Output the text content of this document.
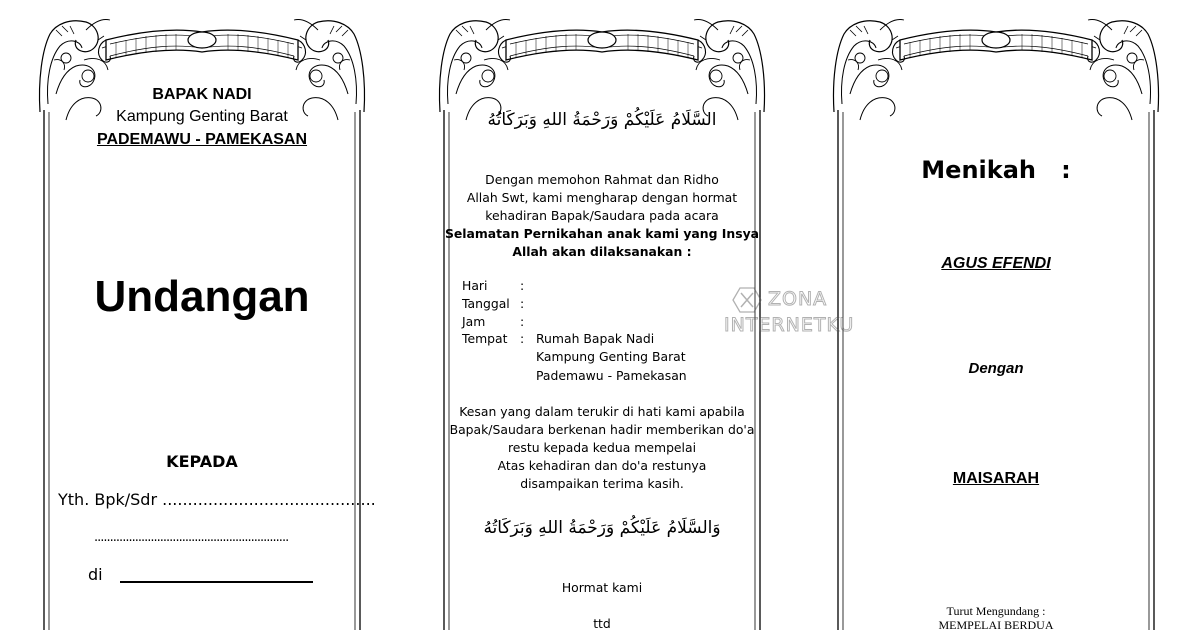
BAPAK NADI
Kampung Genting Barat
PADEMAWU - PAMEKASAN
Undangan
KEPADA
Yth. Bpk/Sdr ..........................................
..............................................................
di
السَّلَامُ عَلَيْكُمْ وَرَحْمَةُ اللهِ وَبَرَكَاتُهُ
Dengan memohon Rahmat dan Ridho
Allah Swt, kami mengharap dengan hormat
kehadiran Bapak/Saudara pada acara
Selamatan Pernikahan anak kami yang Insya
Allah akan dilaksanakan :
Hari	:
Tanggal :
Jam	:
Tempat : Rumah Bapak Nadi
Kampung Genting Barat
Pademawu - Pamekasan
Kesan yang dalam terukir di hati kami apabila
Bapak/Saudara berkenan hadir memberikan do'a
restu kepada kedua mempelai
Atas kehadiran dan do'a restunya
disampaikan terima kasih.
وَالسَّلَامُ عَلَيْكُمْ وَرَحْمَةُ اللهِ وَبَرَكَاتُهُ
Hormat kami
ttd
Menikah   :
AGUS EFENDI
Dengan
MAISARAH
Turut Mengundang :
MEMPELAI BERDUA
ZONA
INTERNETKU
